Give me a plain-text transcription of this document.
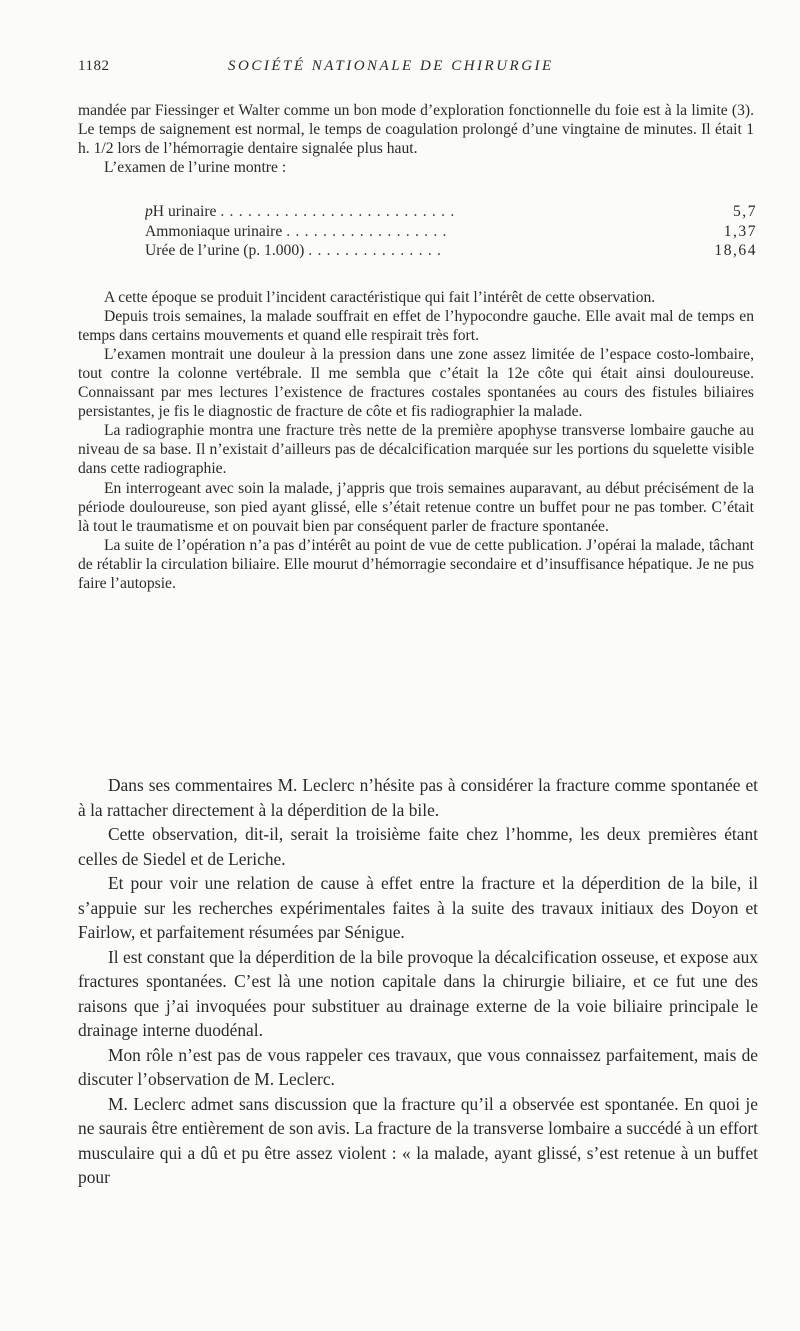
1182	SOCIÉTÉ NATIONALE DE CHIRURGIE

mandée par Fiessinger et Walter comme un bon mode d’exploration fonctionnelle du foie est à la limite (3). Le temps de saignement est normal, le temps de coagulation prolongé d’une vingtaine de minutes. Il était 1 h. 1/2 lors de l’hémorragie dentaire signalée plus haut.

L’examen de l’urine montre :

pH urinaire ..........................	5,7
Ammoniaque urinaire ..................	1,37
Urée de l’urine (p. 1.000) ...............	18,64

A cette époque se produit l’incident caractéristique qui fait l’intérêt de cette observation.

Depuis trois semaines, la malade souffrait en effet de l’hypocondre gauche. Elle avait mal de temps en temps dans certains mouvements et quand elle respirait très fort.

L’examen montrait une douleur à la pression dans une zone assez limitée de l’espace costo-lombaire, tout contre la colonne vertébrale. Il me sembla que c’était la 12e côte qui était ainsi douloureuse. Connaissant par mes lectures l’existence de fractures costales spontanées au cours des fistules biliaires persistantes, je fis le diagnostic de fracture de côte et fis radiographier la malade.

La radiographie montra une fracture très nette de la première apophyse transverse lombaire gauche au niveau de sa base. Il n’existait d’ailleurs pas de décalcification marquée sur les portions du squelette visible dans cette radiographie.

En interrogeant avec soin la malade, j’appris que trois semaines auparavant, au début précisément de la période douloureuse, son pied ayant glissé, elle s’était retenue contre un buffet pour ne pas tomber. C’était là tout le traumatisme et on pouvait bien par conséquent parler de fracture spontanée.

La suite de l’opération n’a pas d’intérêt au point de vue de cette publication. J’opérai la malade, tâchant de rétablir la circulation biliaire. Elle mourut d’hémorragie secondaire et d’insuffisance hépatique. Je ne pus faire l’autopsie.

Dans ses commentaires M. Leclerc n’hésite pas à considérer la fracture comme spontanée et à la rattacher directement à la déperdition de la bile.

Cette observation, dit-il, serait la troisième faite chez l’homme, les deux premières étant celles de Siedel et de Leriche.

Et pour voir une relation de cause à effet entre la fracture et la déperdition de la bile, il s’appuie sur les recherches expérimentales faites à la suite des travaux initiaux des Doyon et Fairlow, et parfaitement résumées par Sénigue.

Il est constant que la déperdition de la bile provoque la décalcification osseuse, et expose aux fractures spontanées. C’est là une notion capitale dans la chirurgie biliaire, et ce fut une des raisons que j’ai invoquées pour substituer au drainage externe de la voie biliaire principale le drainage interne duodénal.

Mon rôle n’est pas de vous rappeler ces travaux, que vous connaissez parfaitement, mais de discuter l’observation de M. Leclerc.

M. Leclerc admet sans discussion que la fracture qu’il a observée est spontanée. En quoi je ne saurais être entièrement de son avis. La fracture de la transverse lombaire a succédé à un effort musculaire qui a dû et pu être assez violent : « la malade, ayant glissé, s’est retenue à un buffet pour
